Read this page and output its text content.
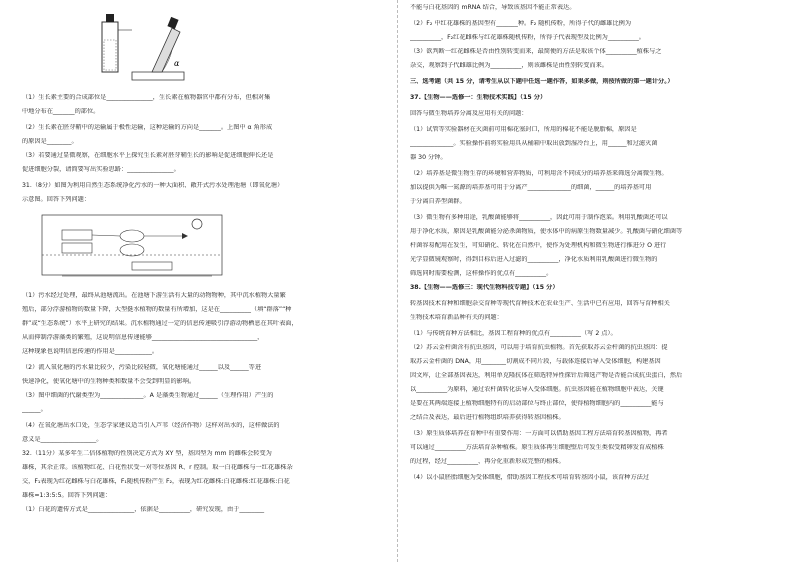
α
（1）生长素主要的合成部位是_______________，生长素在植物器官中都有分布，但相对集
中地分布在_______的部位。
（2）生长素在胚芽鞘中的运输属于极性运输，这种运输的方向是_______。上图中 α 角形成
的原因是________。
（3）若要通过显微观察，在细胞水平上探究生长素对胚芽鞘生长的影响是促进细胞伸长还是
促进细胞分裂，请简要写出实验思路：_______________。
31.（8分）如图为利用自然生态系统净化污水的一种大面积、敞开式污水处理池塘（即氧化塘）
示意图。回答下列问题：
（1）污水经过处理，最终从池塘流出。在池塘下游生活有大量的动物物种，其中沉水植物大量繁
殖后，部分浮游植物的数量下降，大型挺水植物的数量有所增加，这是在__________（填“群落”“种
群”或“生态系统”）水平上研究的结果。沉水植物通过一定的信息传递吸引浮游动物栖息在其叶表面，
从而抑制浮游藻类的繁殖，这说明信息传递能够__________________________________，
这种现象也说明信息传递的作用是____________。
（2）流入氧化塘的污水量比较少，污染比较轻微，氧化塘能通过______以及______等进
快速净化，使氧化塘中的生物种类和数量不会受到明显的影响。
（3）图中细菌的代谢类型为______________。A 是藻类生物通过______（生理作用）产生的
______。
（4）在氧化塘出水口处，生态学家建议适当引入芦苇（经济作物）这样对出水的，这样做法的
意义是__________________。
32.（11分）某多年生二倍体植物的性别决定方式为 XY 型，基因型为 mm 的雌株会转变为
雄株，其余正常。该植物红花、白花性状受一对等位基因 R、r 控制。取一白花雌株与一红花雄株杂
交，F₁表现为红花雌株与白花雄株，F₁随机传粉产生 F₂，表现为红花雌株:白花雌株:红花雄株:白花
雄株=1:3:5:5。回答下列问题：
（1）白花的遗传方式是_______________，依据是__________，研究发现，由于________
不能与白花基因的 mRNA 结合，导致该基因不能正常表达。
（2）F₂ 中红花雄株的基因型有_______种。F₂ 随机传粉，所得子代的雌雄比例为
__________，F₂红花雌株与红花雄株随机传粉，所得子代表现型及比例为__________。
（3）欲判断一红花雌株是否由性别转变而来，最简便的方法是取该个体__________植株与之
杂交，观察到子代雌雄比例为__________，则该雌株是由性别转变而来。
三、选考题（共 15 分，请考生从以下题中任选一题作答，如果多做，则按所做的第一题计分。）
37.【生物——选修一：生物技术实践】（15 分）
回答与微生物培养分离及应用有关的问题：
（1）试管等实验器材在灭菌前可用棉花塞封口，所用的棉花不能是脱脂棉，原因是
______________。实验操作前将实验用具从桶箱中取出放到湿冷台上，用______和过滤灭菌
器 30 分钟。
（2）培养基是微生物生存的环境和营养物质，可利用含不同成分的培养基来筛选分离微生物。
加以提供为唯一氮源的培养基可用于分离产______________的细菌，______的培养基可用
于分离自养型菌群。
（3）微生物有多种用途，乳酸菌能够将__________，因此可用于制作泡菜。利用乳酸菌还可以
用于净化水质，原因是乳酸菌能分泌杀菌物质，使水体中的病原生物数量减少。乳酸菌与硝化细菌等
杆菌容易配用在发生，可知硝化、转化在自然中，使作为处理机构和微生物进行推进分 O 进行
光学显微镜观察时，得到目标后进入过滤的__________，净化水质利用乳酸菌进行微生物的
筛选同时需要检测，这样操作的优点有__________。
38.【生物——选修三：现代生物科技专题】（15 分）
转基因技术育种和细胞杂交育种等现代育种技术在农业生产、生活中已有应用，回答与育种相关
生物技术培育新品种有关的问题：
（1）与传统育种方法相比，基因工程育种的优点有__________（写 2 点）。
（2）苏云金杆菌含有抗虫基因，可以用于培育抗虫植物。首先获取苏云金杆菌的抗虫基因：提
取苏云金杆菌的 DNA，用________切割成不同片段，与载体连接后导入受体细胞，构建基因
因文库，让全部基因表达，利用单克隆抗体在筛选特异性探针后筛选产物是否能合成抗虫蛋白，然后
以__________为原料，通过农杆菌转化法导入受体细胞。抗虫基因能在植物细胞中表达，关键
是要在其两端连接上植物细胞特有的启动部位与终止部位，使得植物细胞内的__________能与
之结合及表达，最后进行植物组织培养获得转基因植株。
（3）原生质体培养在育种中有重要作用：一方面可以借助基因工程方法培育转基因植物，再者
可以通过__________方法培育杂种植株。原生质体再生细胞壁后可发生类似受精卵发育成植株
的过程，经过__________、再分化重新形成完整的植株。
（4）以小鼠胚胎细胞为受体细胞，借助基因工程技术可培育转基因小鼠，该育种方法过
